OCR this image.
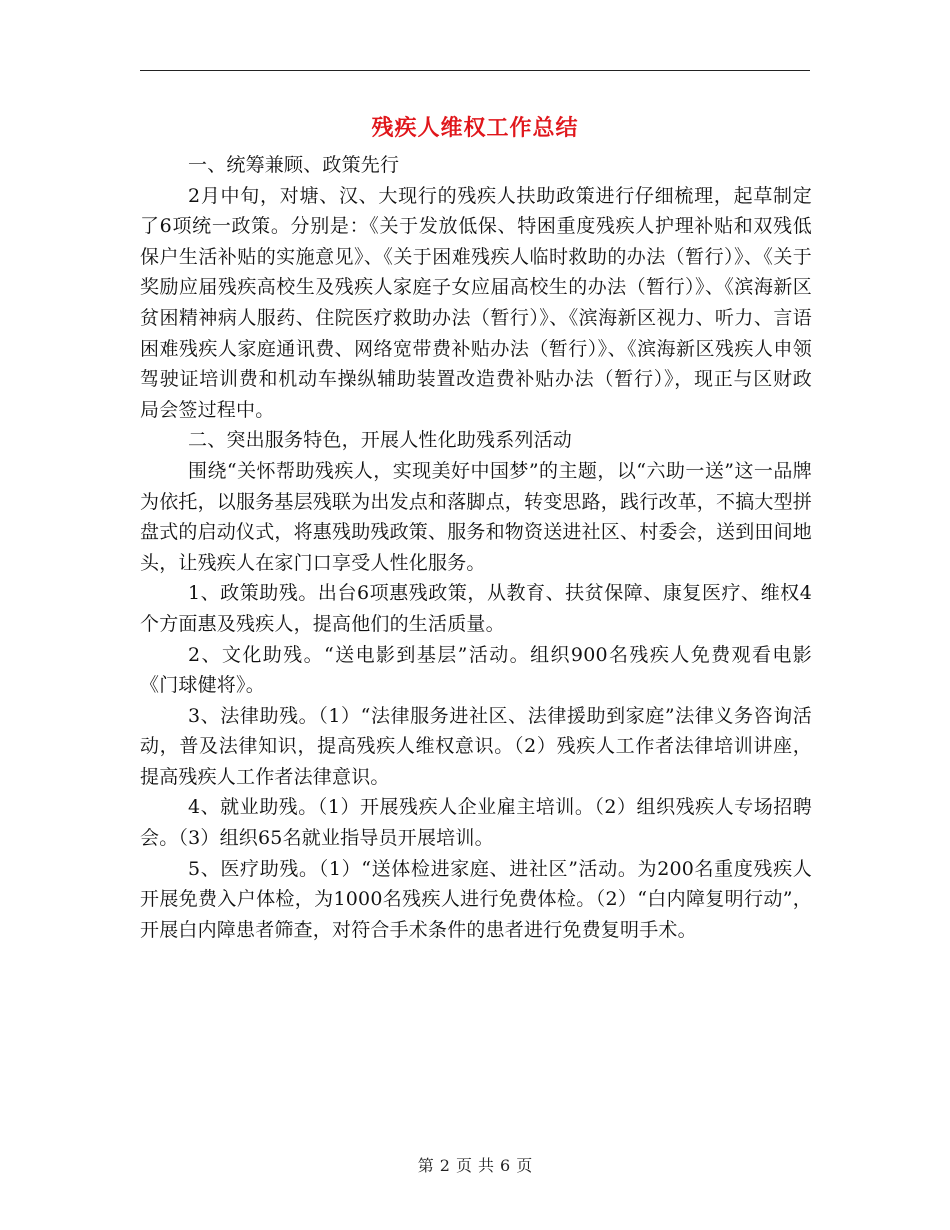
残疾人维权工作总结

一、统筹兼顾、政策先行

2月中旬，对塘、汉、大现行的残疾人扶助政策进行仔细梳理，起草制定了6项统一政策。分别是：《关于发放低保、特困重度残疾人护理补贴和双残低保户生活补贴的实施意见》、《关于困难残疾人临时救助的办法（暂行）》、《关于奖励应届残疾高校生及残疾人家庭子女应届高校生的办法（暂行）》、《滨海新区贫困精神病人服药、住院医疗救助办法（暂行）》、《滨海新区视力、听力、言语困难残疾人家庭通讯费、网络宽带费补贴办法（暂行）》、《滨海新区残疾人申领驾驶证培训费和机动车操纵辅助装置改造费补贴办法（暂行）》，现正与区财政局会签过程中。

二、突出服务特色，开展人性化助残系列活动

围绕“关怀帮助残疾人，实现美好中国梦”的主题，以“六助一送”这一品牌为依托，以服务基层残联为出发点和落脚点，转变思路，践行改革，不搞大型拼盘式的启动仪式，将惠残助残政策、服务和物资送进社区、村委会，送到田间地头，让残疾人在家门口享受人性化服务。

1、政策助残。出台6项惠残政策，从教育、扶贫保障、康复医疗、维权4个方面惠及残疾人，提高他们的生活质量。

2、文化助残。“送电影到基层”活动。组织900名残疾人免费观看电影《门球健将》。

3、法律助残。（1）“法律服务进社区、法律援助到家庭”法律义务咨询活动，普及法律知识，提高残疾人维权意识。（2）残疾人工作者法律培训讲座，提高残疾人工作者法律意识。

4、就业助残。（1）开展残疾人企业雇主培训。（2）组织残疾人专场招聘会。（3）组织65名就业指导员开展培训。

5、医疗助残。（1）“送体检进家庭、进社区”活动。为200名重度残疾人开展免费入户体检，为1000名残疾人进行免费体检。（2）“白内障复明行动”，开展白内障患者筛查，对符合手术条件的患者进行免费复明手术。

第 2 页 共 6 页
